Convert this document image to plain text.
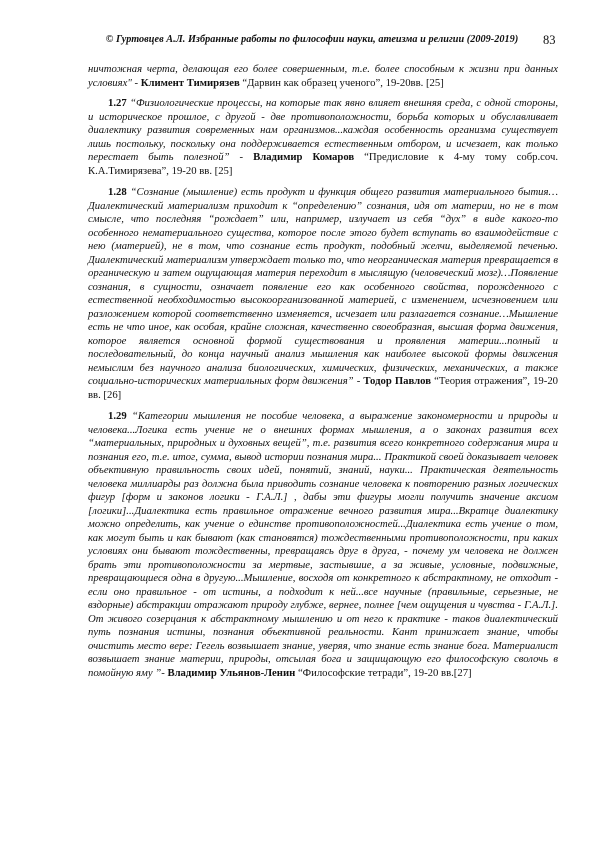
© Гуртовцев А.Л. Избранные работы по философии науки, атеизма и религии (2009-2019)	83

ничтожная черта, делающая его более совершенным, т.е. более способным к жизни при данных условиях" - Климент Тимирязев “Дарвин как образец ученого”, 19-20вв. [25]

1.27 “Физиологические процессы, на которые так явно влияет внешняя среда, с одной стороны, и историческое прошлое, с другой - две противоположности, борьба которых и обуславливает диалектику развития современных нам организмов...каждая особенность организма существует лишь постольку, поскольку она поддерживается естественным отбором, и исчезает, как только перестает быть полезной” - Владимир Комаров “Предисловие к 4-му тому собр.соч. К.А.Тимирязева”, 19-20 вв. [25]

1.28 “Сознание (мышление) есть продукт и функция общего развития материального бытия…Диалектический материализм приходит к “определению” сознания, идя от материи, но не в том смысле, что последняя “рождает” или, например, излучает из себя “дух” в виде какого-то особенного нематериального существа, которое после этого будет вступать во взаимодействие с нею (материей), не в том, что сознание есть продукт, подобный желчи, выделяемой печенью. Диалектический материализм утверждает только то, что неорганическая материя превращается в органическую и затем ощущающая материя переходит в мыслящую (человеческий мозг)…Появление сознания, в сущности, означает появление его как особенного свойства, порожденного с естественной необходимостью высокоорганизованной материей, с изменением, исчезновением или разложением которой соответственно изменяется, исчезает или разлагается сознание…Мышление есть не что иное, как особая, крайне сложная, качественно своеобразная, высшая форма движения, которое является основной формой существования и проявления материи...полный и последовательный, до конца научный анализ мышления как наиболее высокой формы движения немыслим без научного анализа биологических, химических, физических, механических, а также социально-исторических материальных форм движения” - Тодор Павлов “Теория отражения”, 19-20 вв. [26]

1.29 “Категории мышления не пособие человека, а выражение закономерности и природы и человека...Логика есть учение не о внешних формах мышления, а о законах развития всех “материальных, природных и духовных вещей”, т.е. развития всего конкретного содержания мира и познания его, т.е. итог, сумма, вывод истории познания мира... Практикой своей доказывает человек объективную правильность своих идей, понятий, знаний, науки... Практическая деятельность человека миллиарды раз должна была приводить сознание человека к повторению разных логических фигур [форм и законов логики - Г.А.Л.] , дабы эти фигуры могли получить значение аксиом [логики]...Диалектика есть правильное отражение вечного развития мира...Вкратце диалектику можно определить, как учение о единстве противоположностей...Диалектика есть учение о том, как могут быть и как бывают (как становятся) тождественными противоположности, при каких условиях они бывают тождественны, превращаясь друг в друга, - почему ум человека не должен брать эти противоположности за мертвые, застывшие, а за живые, условные, подвижные, превращающиеся одна в другую...Мышление, восходя от конкретного к абстрактному, не отходит - если оно правильное - от истины, а подходит к ней...все научные (правильные, серьезные, не вздорные) абстракции отражают природу глубже, вернее, полнее [чем ощущения и чувства - Г.А.Л.]. От живого созерцания к абстрактному мышлению и от него к практике - таков диалектический путь познания истины, познания объективной реальности. Кант принижает знание, чтобы очистить место вере: Гегель возвышает знание, уверяя, что знание есть знание бога. Материалист возвышает знание материи, природы, отсылая бога и защищающую его философскую сволочь в помойную яму ”- Владимир Ульянов-Ленин “Философские тетради”, 19-20 вв.[27]
